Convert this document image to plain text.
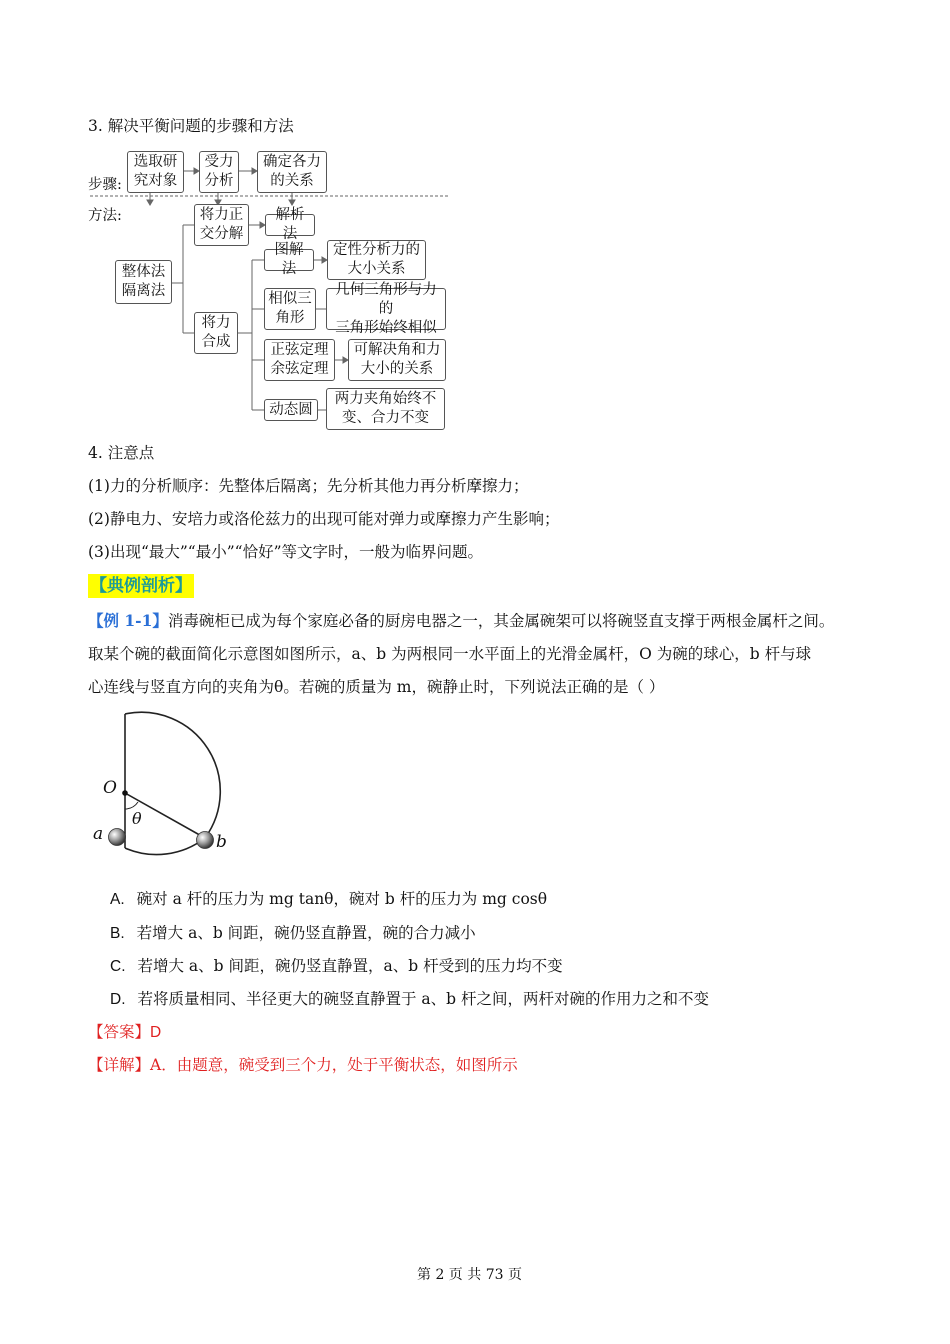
3. 解决平衡问题的步骤和方法
步骤:
方法:
选取研
究对象
受力
分析
确定各力
的关系
整体法
隔离法
将力正
交分解
解析法
将力
合成
图解法
定性分析力的
大小关系
相似三
角形
几何三角形与力的
三角形始终相似
正弦定理
余弦定理
可解决角和力
大小的关系
动态圆
两力夹角始终不
变、合力不变
4. 注意点
(1)力的分析顺序：先整体后隔离；先分析其他力再分析摩擦力；
(2)静电力、安培力或洛伦兹力的出现可能对弹力或摩擦力产生影响；
(3)出现“最大”“最小”“恰好”等文字时，一般为临界问题。
【典例剖析】
【例 1-1】消毒碗柜已成为每个家庭必备的厨房电器之一，其金属碗架可以将碗竖直支撑于两根金属杆之间。
取某个碗的截面简化示意图如图所示，a、b 为两根同一水平面上的光滑金属杆，O 为碗的球心，b 杆与球
心连线与竖直方向的夹角为θ。若碗的质量为 m，碗静止时，下列说法正确的是（ ）
O
θ
a	b
A. 碗对 a 杆的压力为 mg tanθ，碗对 b 杆的压力为 mg cosθ
B. 若增大 a、b 间距，碗仍竖直静置，碗的合力减小
C. 若增大 a、b 间距，碗仍竖直静置，a、b 杆受到的压力均不变
D. 若将质量相同、半径更大的碗竖直静置于 a、b 杆之间，两杆对碗的作用力之和不变
【答案】D
【详解】A．由题意，碗受到三个力，处于平衡状态，如图所示
第 2 页 共 73 页
